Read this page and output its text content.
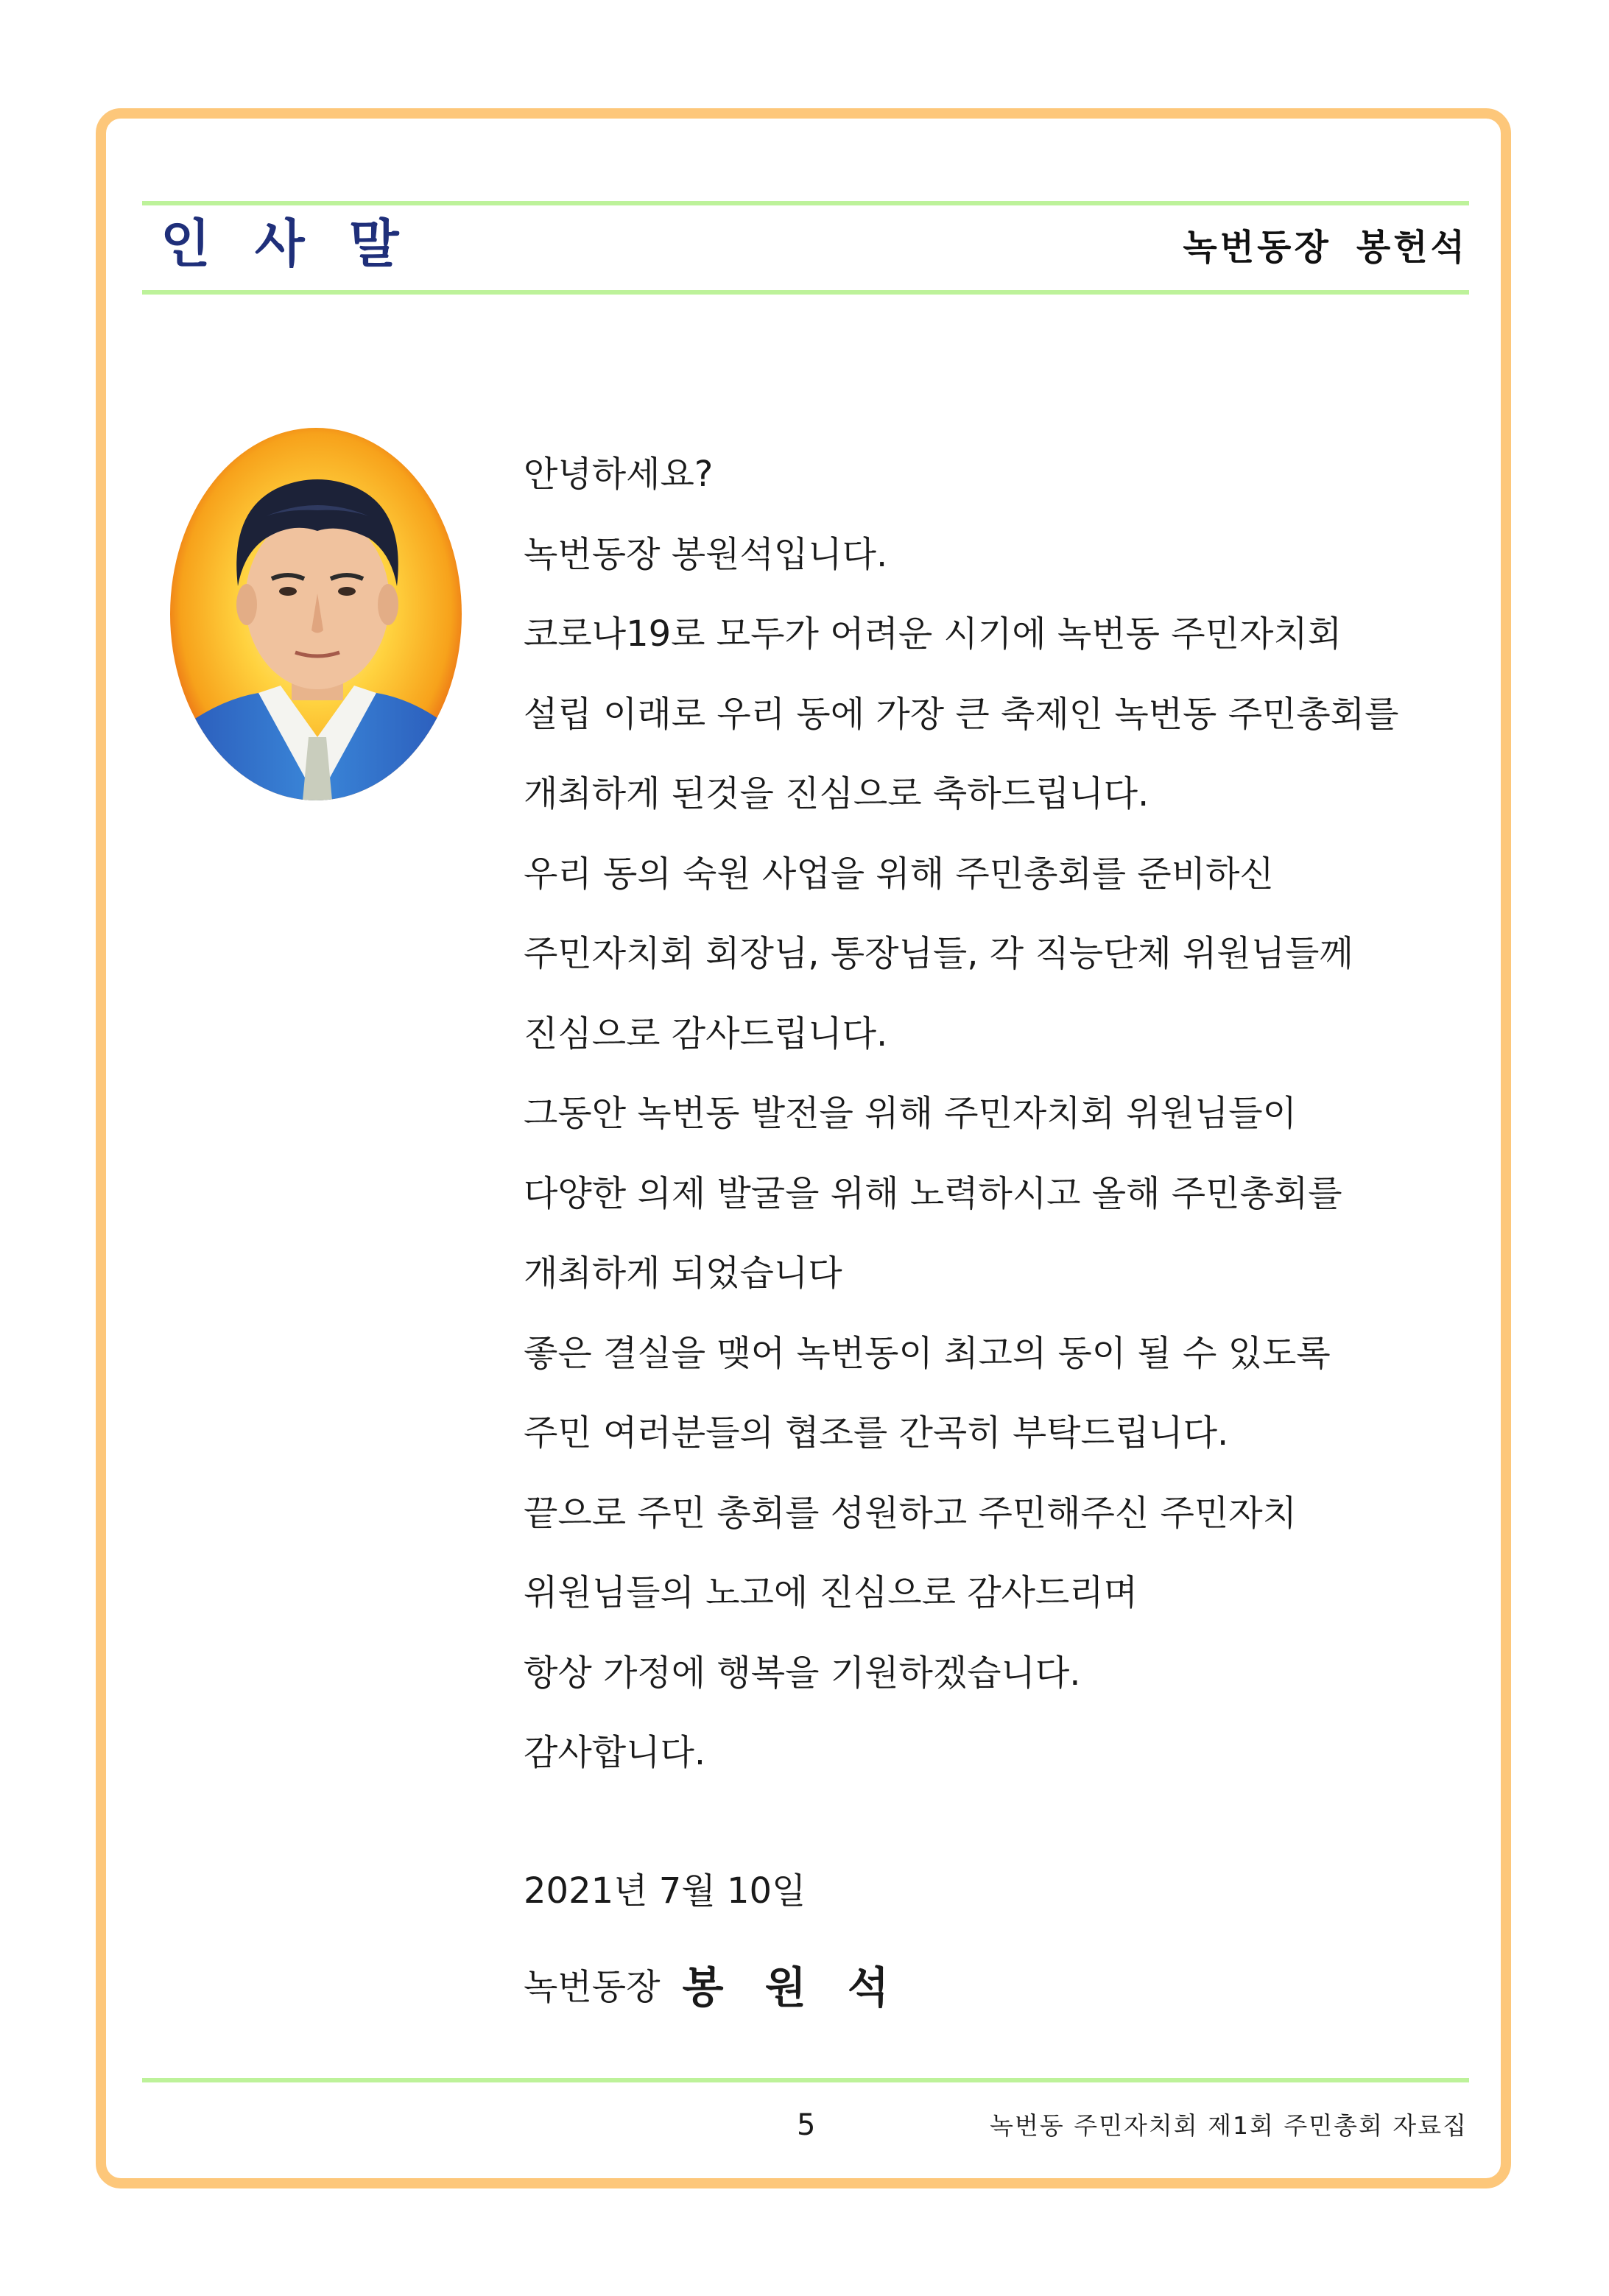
인 사 말	녹번동장 봉헌석
안녕하세요?
녹번동장 봉원석입니다.
코로나19로 모두가 어려운 시기에 녹번동 주민자치회
설립 이래로 우리 동에 가장 큰 축제인 녹번동 주민총회를
개최하게 된것을 진심으로 축하드립니다.
우리 동의 숙원 사업을 위해 주민총회를 준비하신
주민자치회 회장님, 통장님들, 각 직능단체 위원님들께
진심으로 감사드립니다.
그동안 녹번동 발전을 위해 주민자치회 위원님들이
다양한 의제 발굴을 위해 노력하시고 올해 주민총회를
개최하게 되었습니다
좋은 결실을 맺어 녹번동이 최고의 동이 될 수 있도록
주민 여러분들의 협조를 간곡히 부탁드립니다.
끝으로 주민 총회를 성원하고 주민해주신 주민자치
위원님들의 노고에 진심으로 감사드리며
항상 가정에 행복을 기원하겠습니다.
감사합니다.
2021년 7월 10일
녹번동장 봉 원 석
5	녹번동 주민자치회 제1회 주민총회 자료집
